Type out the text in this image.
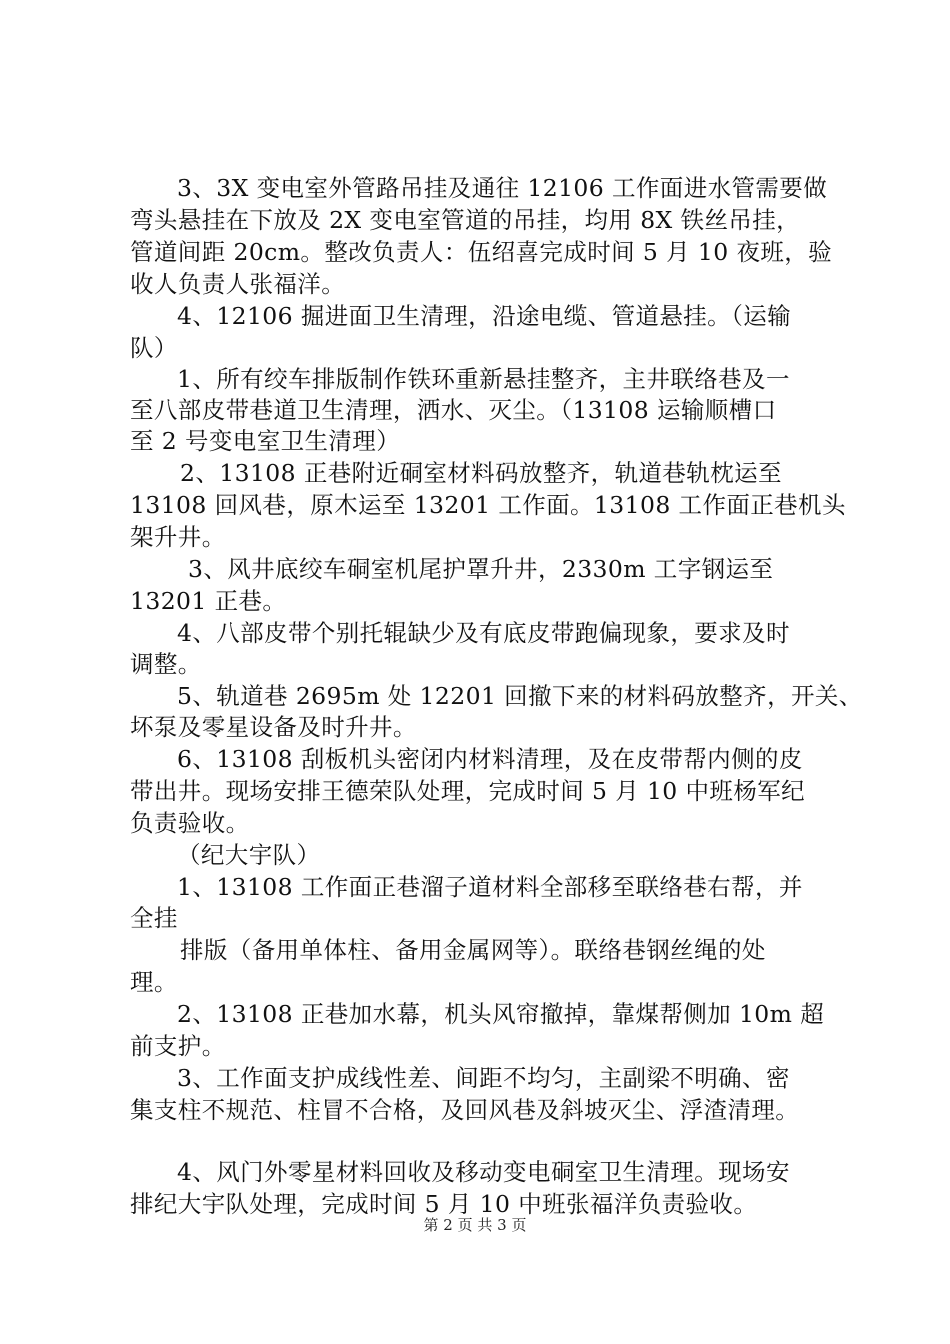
3、3X 变电室外管路吊挂及通往 12106 工作面进水管需要做
弯头悬挂在下放及 2X 变电室管道的吊挂，均用 8X 铁丝吊挂，
管道间距 20cm。整改负责人：伍绍喜完成时间 5 月 10 夜班，验
收人负责人张福洋。
4、12106 掘进面卫生清理，沿途电缆、管道悬挂。（运输
队）
1、所有绞车排版制作铁环重新悬挂整齐，主井联络巷及一
至八部皮带巷道卫生清理，洒水、灭尘。（13108 运输顺槽口
至 2 号变电室卫生清理）
2、13108 正巷附近硐室材料码放整齐，轨道巷轨枕运至
13108 回风巷，原木运至 13201 工作面。13108 工作面正巷机头
架升井。
3、风井底绞车硐室机尾护罩升井，2330m 工字钢运至
13201 正巷。
4、八部皮带个别托辊缺少及有底皮带跑偏现象，要求及时
调整。
5、轨道巷 2695m 处 12201 回撤下来的材料码放整齐，开关、
坏泵及零星设备及时升井。
6、13108 刮板机头密闭内材料清理，及在皮带帮内侧的皮
带出井。现场安排王德荣队处理，完成时间 5 月 10 中班杨军纪
负责验收。
（纪大宇队）
1、13108 工作面正巷溜子道材料全部移至联络巷右帮，并
全挂
排版（备用单体柱、备用金属网等）。联络巷钢丝绳的处
理。
2、13108 正巷加水幕，机头风帘撤掉，靠煤帮侧加 10m 超
前支护。
3、工作面支护成线性差、间距不均匀，主副梁不明确、密
集支柱不规范、柱冒不合格，及回风巷及斜坡灭尘、浮渣清理。
4、风门外零星材料回收及移动变电硐室卫生清理。现场安
排纪大宇队处理，完成时间 5 月 10 中班张福洋负责验收。
第 2 页 共 3 页
